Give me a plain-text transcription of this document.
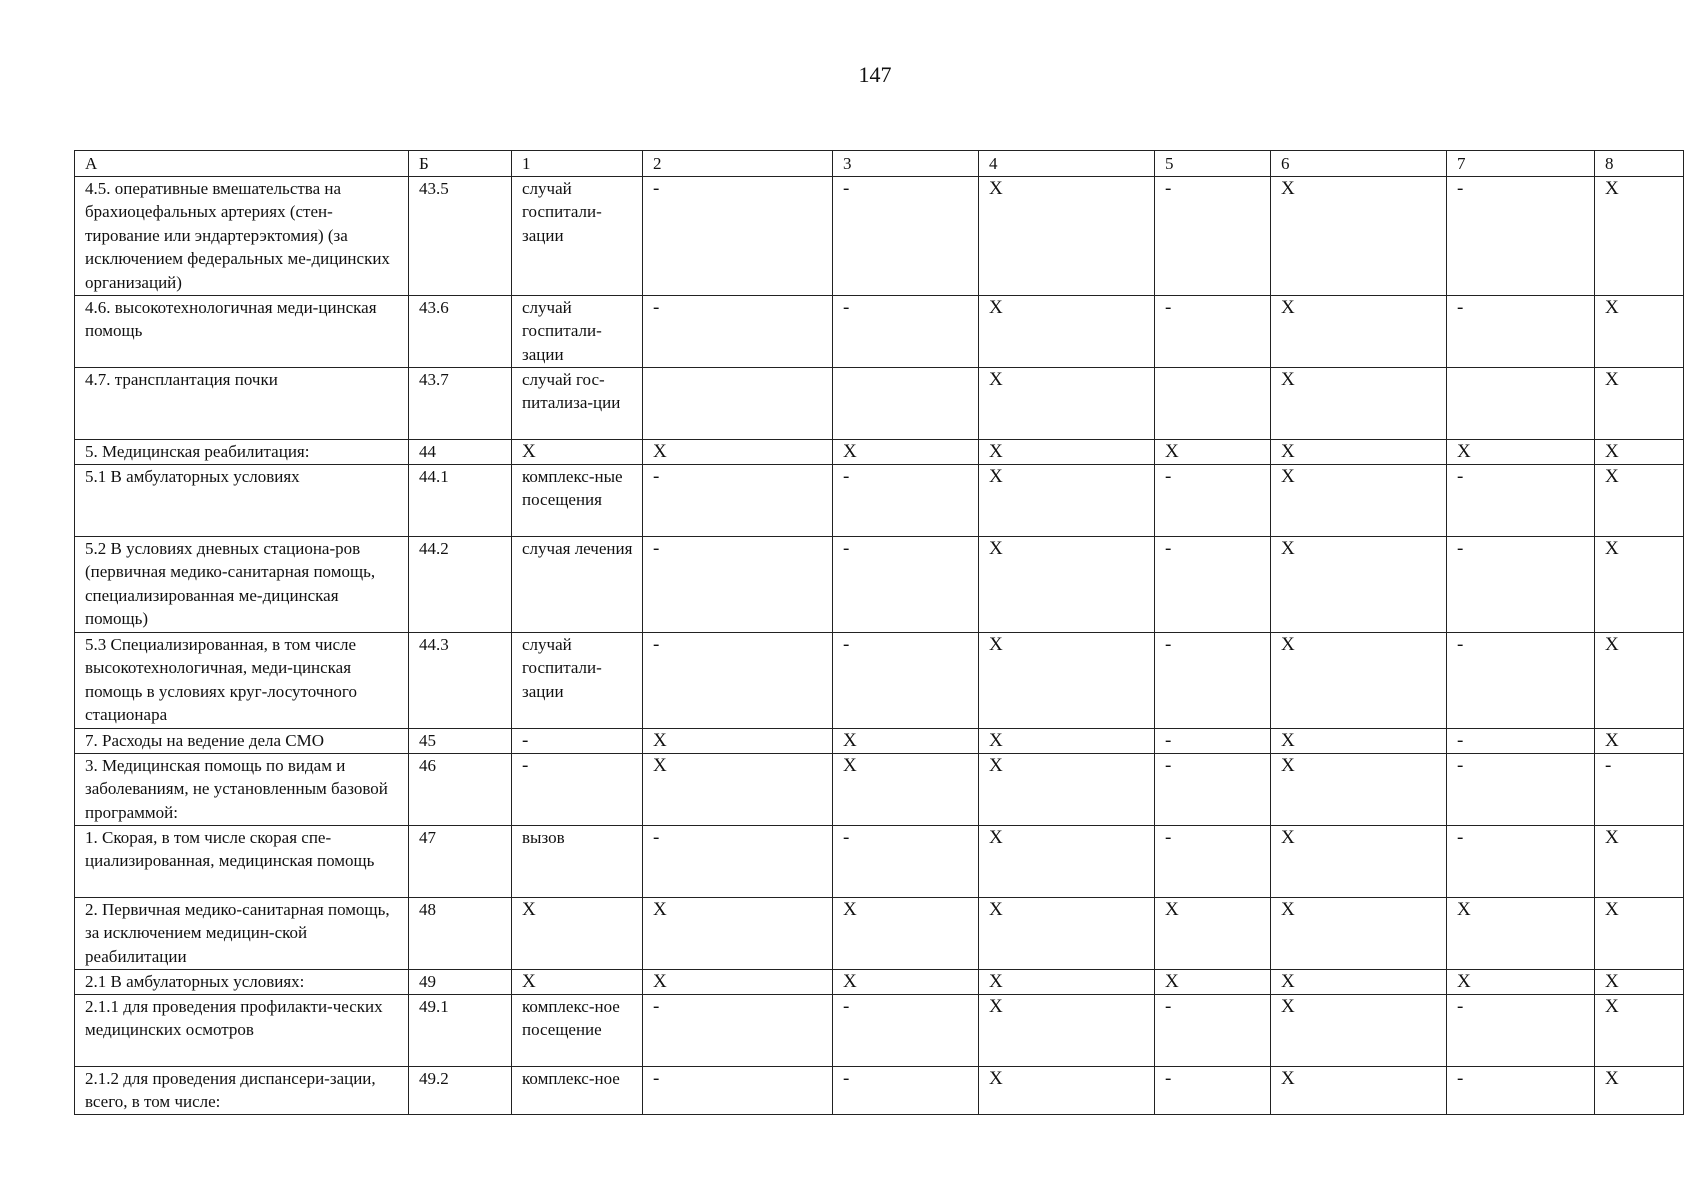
147
А	Б	1	2	3	4	5	6	7	8
4.5. оперативные вмешательства на брахиоцефальных артериях (стен-тирование или эндартерэктомия) (за исключением федеральных ме-дицинских организаций)	43.5	случай госпитали-зации	-	-	X	-	X	-	X
4.6. высокотехнологичная меди-цинская помощь	43.6	случай госпитали-зации	-	-	X	-	X	-	X
4.7. трансплантация почки	43.7	случай гос-питализа-ции			X		X		X
5. Медицинская реабилитация:	44	X	X	X	X	X	X	X	X
5.1 В амбулаторных условиях	44.1	комплекс-ные посещения	-	-	X	-	X	-	X
5.2 В условиях дневных стациона-ров (первичная медико-санитарная помощь, специализированная ме-дицинская помощь)	44.2	случая лечения	-	-	X	-	X	-	X
5.3 Специализированная, в том числе высокотехнологичная, меди-цинская помощь в условиях круг-лосуточного стационара	44.3	случай госпитали-зации	-	-	X	-	X	-	X
7. Расходы на ведение дела СМО	45	-	X	X	X	-	X	-	X
3. Медицинская помощь по видам и заболеваниям, не установленным базовой программой:	46	-	X	X	X	-	X	-	-
1. Скорая, в том числе скорая спе-циализированная, медицинская помощь	47	вызов	-	-	X	-	X	-	X
2. Первичная медико-санитарная помощь, за исключением медицин-ской реабилитации	48	X	X	X	X	X	X	X	X
2.1 В амбулаторных условиях:	49	X	X	X	X	X	X	X	X
2.1.1 для проведения профилакти-ческих медицинских осмотров	49.1	комплекс-ное посещение	-	-	X	-	X	-	X
2.1.2 для проведения диспансери-зации, всего, в том числе:	49.2	комплекс-ное	-	-	X	-	X	-	X
